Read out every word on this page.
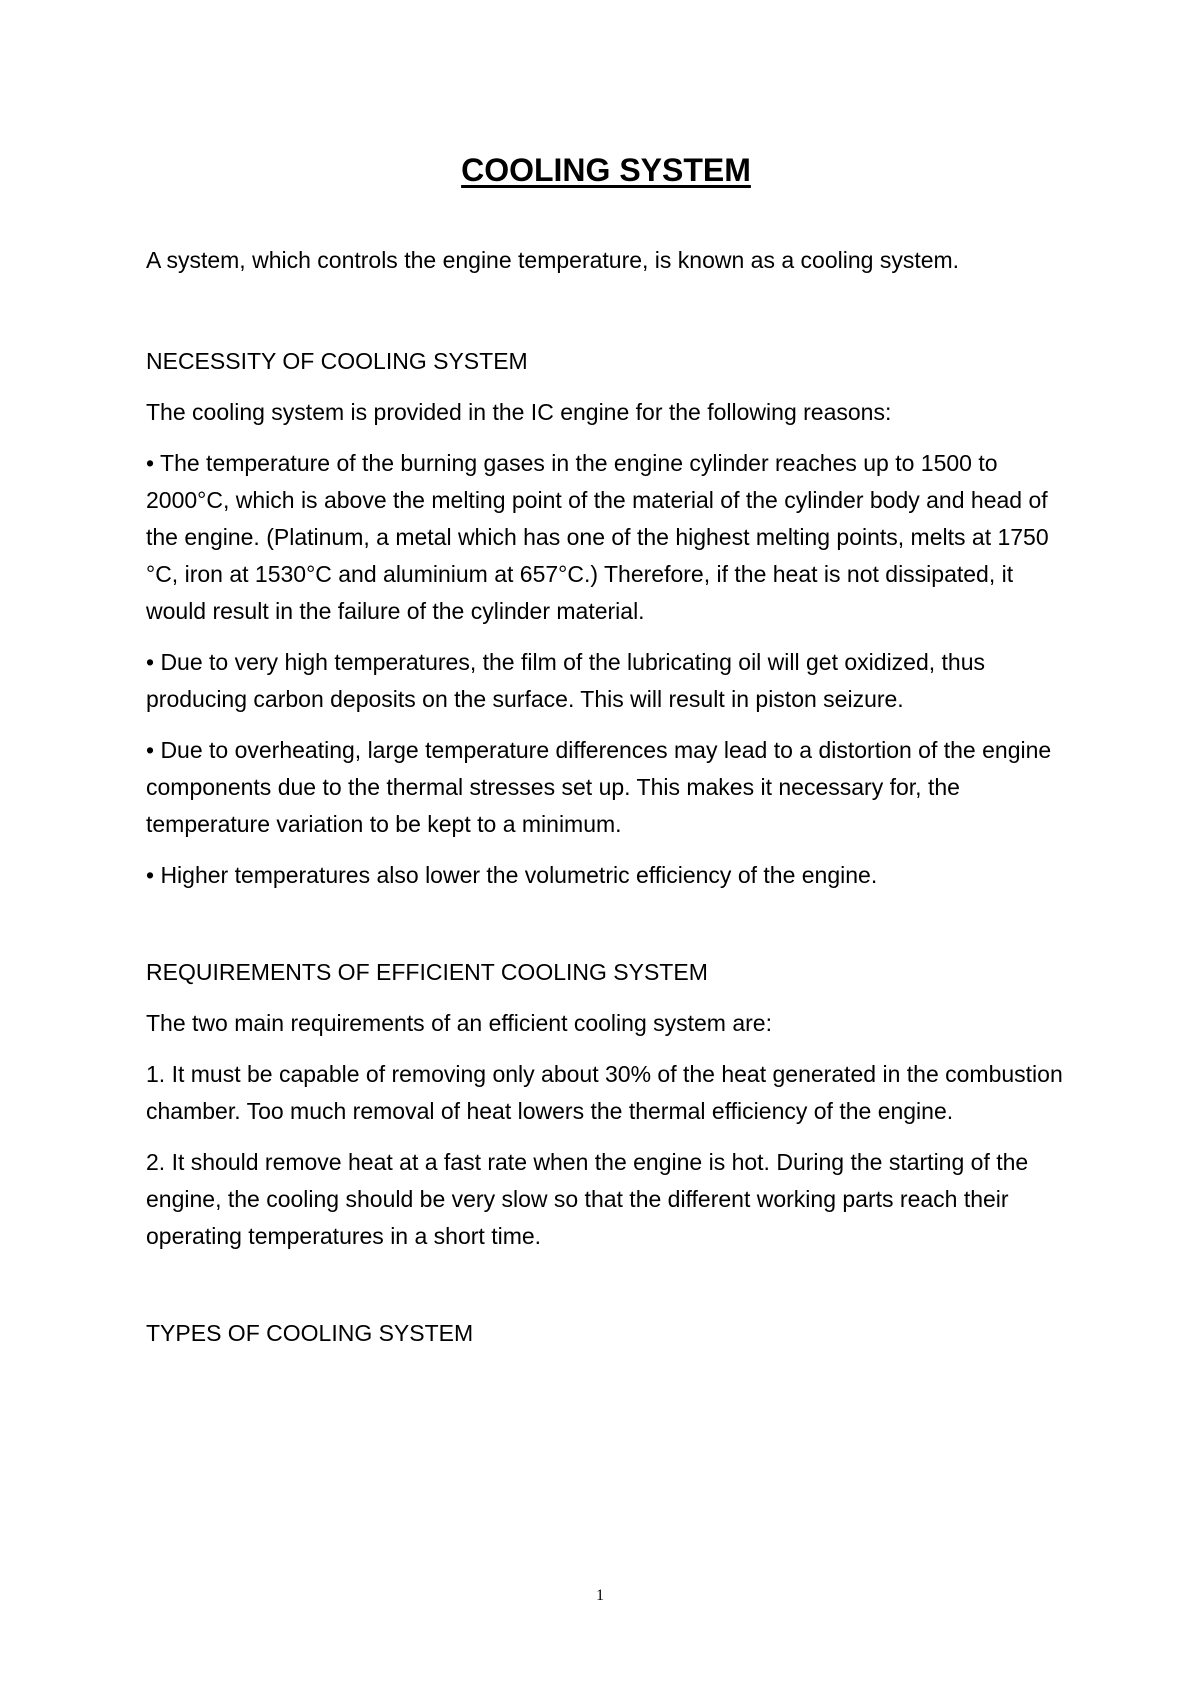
COOLING SYSTEM

A system, which controls the engine temperature, is known as a cooling system.

NECESSITY OF COOLING SYSTEM

The cooling system is provided in the IC engine for the following reasons:

• The temperature of the burning gases in the engine cylinder reaches up to 1500 to 2000°C, which is above the melting point of the material of the cylinder body and head of the engine. (Platinum, a metal which has one of the highest melting points, melts at 1750 °C, iron at 1530°C and aluminium at 657°C.) Therefore, if the heat is not dissipated, it would result in the failure of the cylinder material.

• Due to very high temperatures, the film of the lubricating oil will get oxidized, thus producing carbon deposits on the surface. This will result in piston seizure.

• Due to overheating, large temperature differences may lead to a distortion of the engine components due to the thermal stresses set up. This makes it necessary for, the temperature variation to be kept to a minimum.

• Higher temperatures also lower the volumetric efficiency of the engine.

REQUIREMENTS OF EFFICIENT COOLING SYSTEM

The two main requirements of an efficient cooling system are:

1. It must be capable of removing only about 30% of the heat generated in the combustion chamber. Too much removal of heat lowers the thermal efficiency of the engine.

2. It should remove heat at a fast rate when the engine is hot. During the starting of the engine, the cooling should be very slow so that the different working parts reach their operating temperatures in a short time.

TYPES OF COOLING SYSTEM

1
